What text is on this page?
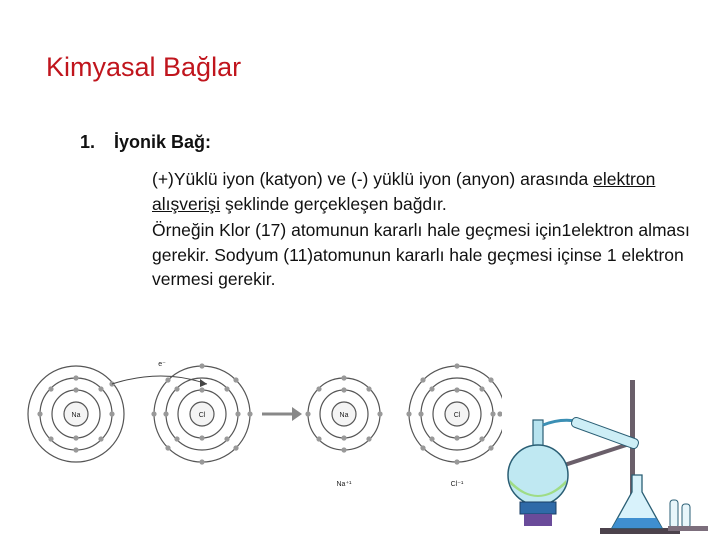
Kimyasal Bağlar
1. İyonik Bağ:

(+)Yüklü iyon (katyon) ve (-) yüklü iyon (anyon) arasında elektron alışverişi şeklinde gerçekleşen bağdır.

Örneğin Klor (17) atomunun kararlı hale geçmesi için1elektron alması gerekir. Sodyum (11)atomunun kararlı hale geçmesi içinse 1 elektron vermesi gerekir.

Na
e⁻
Cl	Na
Na⁺¹
Cl
Cl⁻¹
